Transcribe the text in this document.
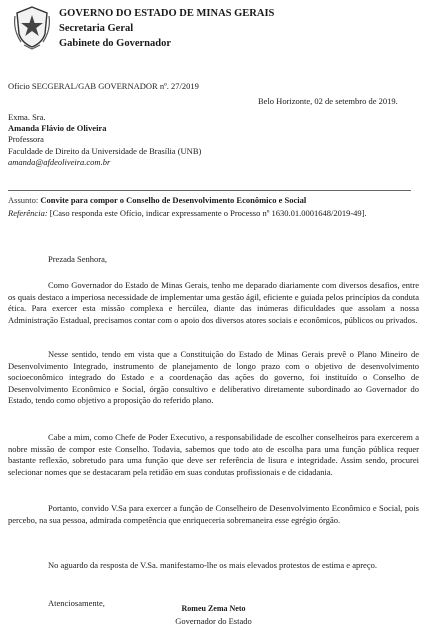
GOVERNO DO ESTADO DE MINAS GERAIS
Secretaria Geral
Gabinete do Governador

Ofício SECGERAL/GAB GOVERNADOR nº. 27/2019

Belo Horizonte, 02 de setembro de 2019.

Exma. Sra.
Amanda Flávio de Oliveira
Professora
Faculdade de Direito da Universidade de Brasília (UNB)
amanda@afdeoliveira.com.br

Assunto: Convite para compor o Conselho de Desenvolvimento Econômico e Social

Referência: [Caso responda este Ofício, indicar expressamente o Processo nº 1630.01.0001648/2019-49].

Prezada Senhora,

Como Governador do Estado de Minas Gerais, tenho me deparado diariamente com diversos desafios, entre os quais destaco a imperiosa necessidade de implementar uma gestão ágil, eficiente e guiada pelos princípios da conduta ética. Para exercer esta missão complexa e hercúlea, diante das inúmeras dificuldades que assolam a nossa Administração Estadual, precisamos contar com o apoio dos diversos atores sociais e econômicos, públicos ou privados.

Nesse sentido, tendo em vista que a Constituição do Estado de Minas Gerais prevê o Plano Mineiro de Desenvolvimento Integrado, instrumento de planejamento de longo prazo com o objetivo de desenvolvimento socioeconômico integrado do Estado e a coordenação das ações do governo, foi instituído o Conselho de Desenvolvimento Econômico e Social, órgão consultivo e deliberativo diretamente subordinado ao Governador do Estado, tendo como objetivo a proposição do referido plano.

Cabe a mim, como Chefe de Poder Executivo, a responsabilidade de escolher conselheiros para exercerem a nobre missão de compor este Conselho. Todavia, sabemos que todo ato de escolha para uma função pública requer bastante reflexão, sobretudo para uma função que deve ser referência de lisura e integridade. Assim sendo, procurei selecionar nomes que se destacaram pela retidão em suas condutas profissionais e de cidadania.

Portanto, convido V.Sa para exercer a função de Conselheiro de Desenvolvimento Econômico e Social, pois percebo, na sua pessoa, admirada competência que enriqueceria sobremaneira esse egrégio órgão.

No aguardo da resposta de V.Sa. manifestamo-lhe os mais elevados protestos de estima e apreço.

Atenciosamente,

Romeu Zema Neto
Governador do Estado
